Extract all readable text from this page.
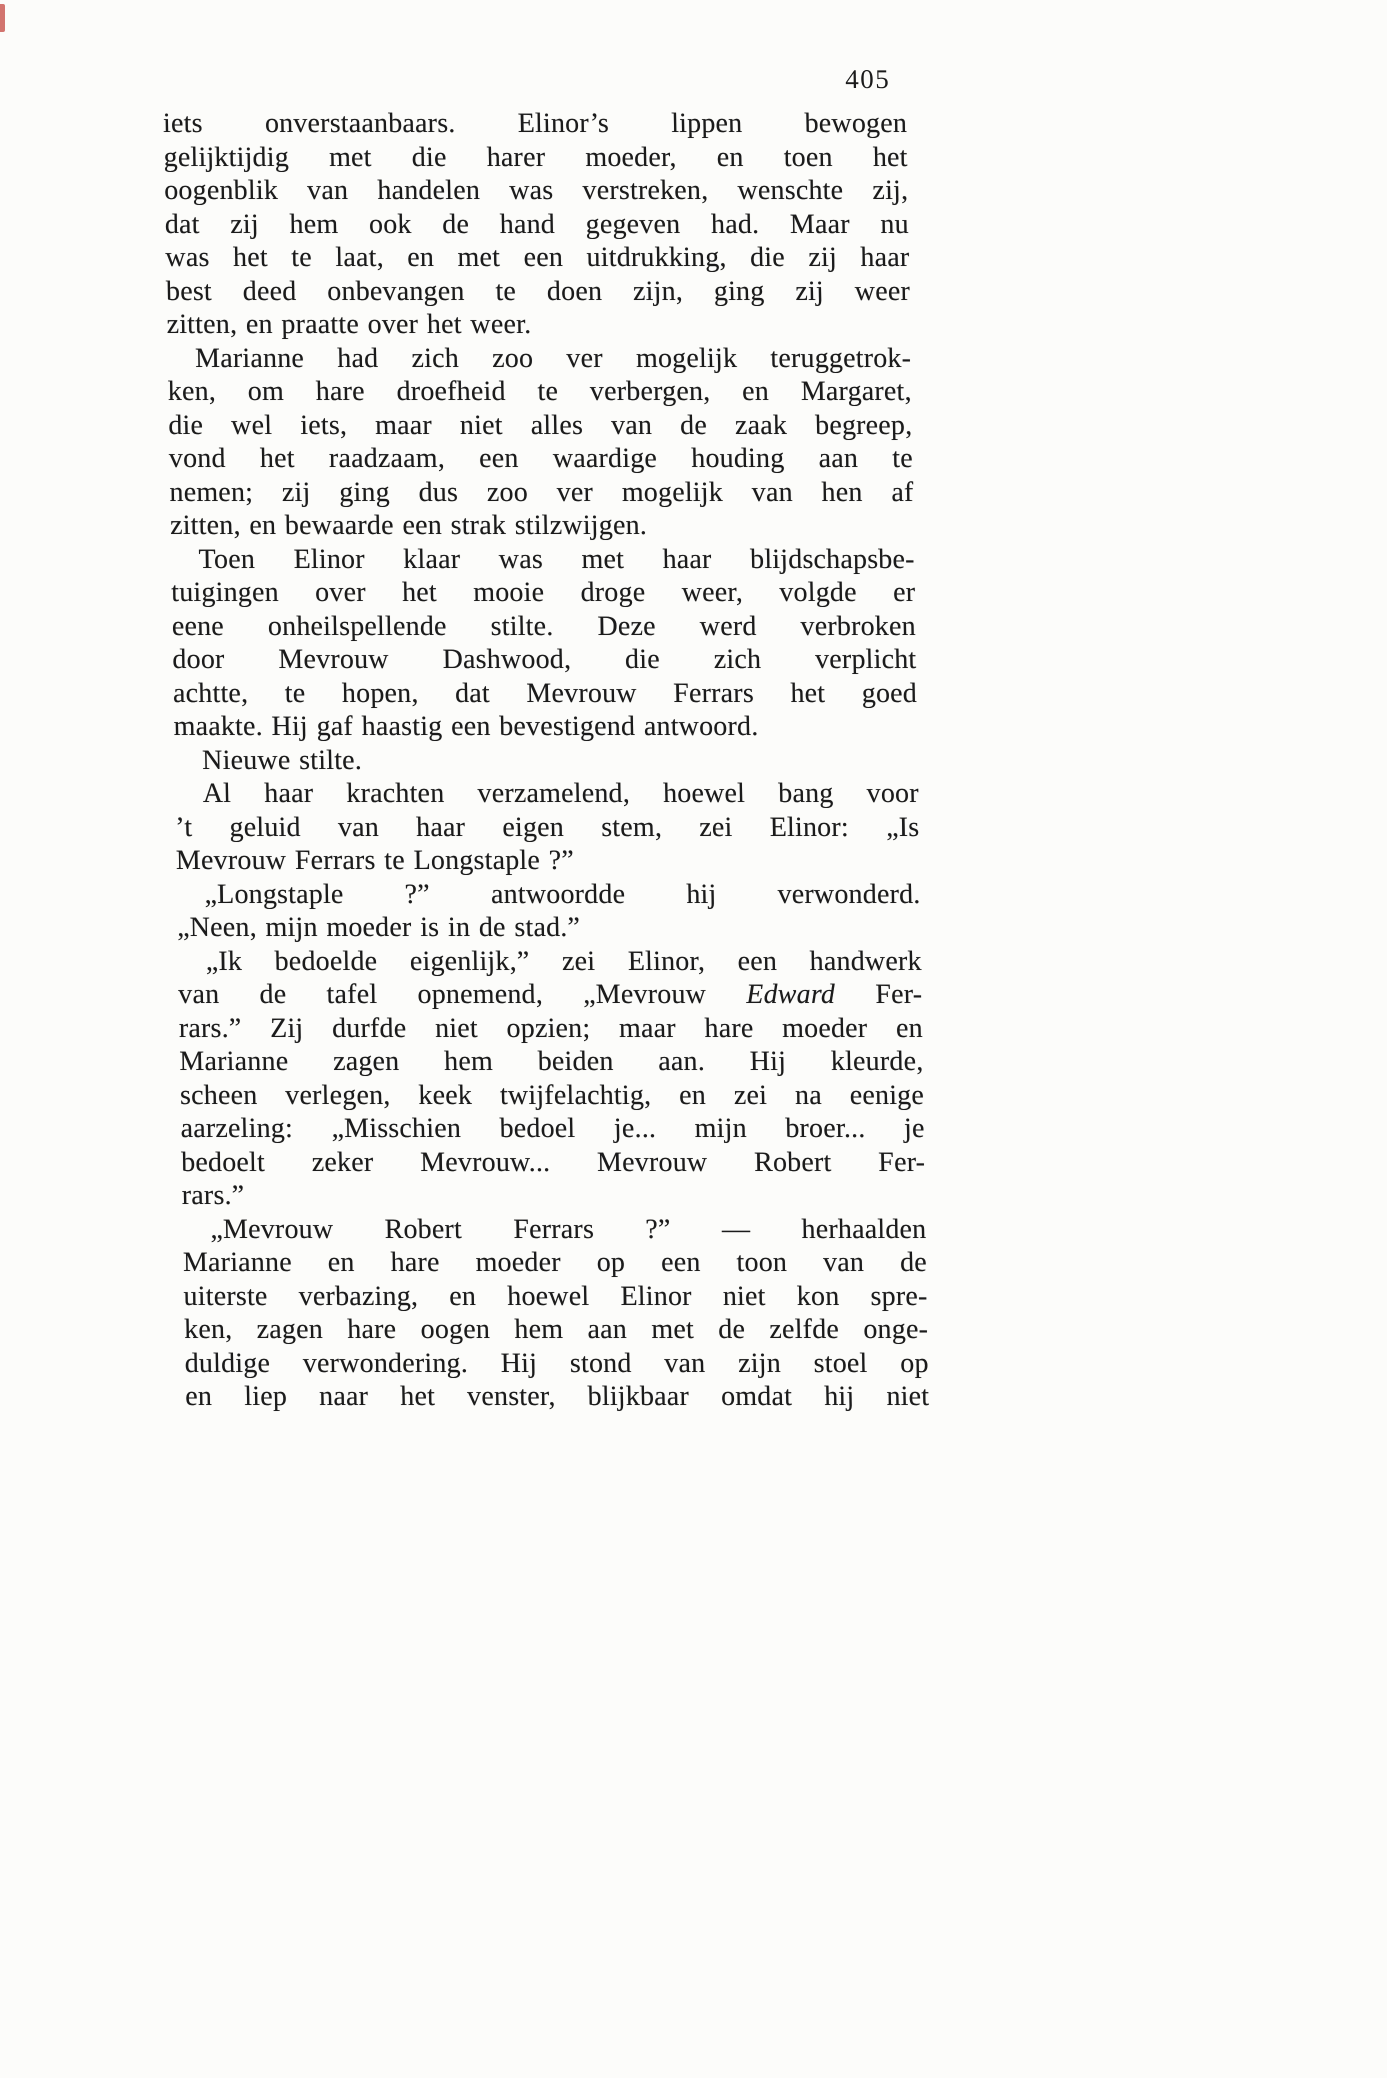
405
iets onverstaanbaars. Elinor’s lippen bewogen
gelijktijdig met die harer moeder, en toen het
oogenblik van handelen was verstreken, wenschte zij,
dat zij hem ook de hand gegeven had. Maar nu
was het te laat, en met een uitdrukking, die zij haar
best deed onbevangen te doen zijn, ging zij weer
zitten, en praatte over het weer.
Marianne had zich zoo ver mogelijk teruggetrok-
ken, om hare droefheid te verbergen, en Margaret,
die wel iets, maar niet alles van de zaak begreep,
vond het raadzaam, een waardige houding aan te
nemen; zij ging dus zoo ver mogelijk van hen af
zitten, en bewaarde een strak stilzwijgen.
Toen Elinor klaar was met haar blijdschapsbe-
tuigingen over het mooie droge weer, volgde er
eene onheilspellende stilte. Deze werd verbroken
door Mevrouw Dashwood, die zich verplicht
achtte, te hopen, dat Mevrouw Ferrars het goed
maakte. Hij gaf haastig een bevestigend antwoord.
Nieuwe stilte.
Al haar krachten verzamelend, hoewel bang voor
’t geluid van haar eigen stem, zei Elinor: „Is
Mevrouw Ferrars te Longstaple ?”
„Longstaple ?” antwoordde hij verwonderd.
„Neen, mijn moeder is in de stad.”
„Ik bedoelde eigenlijk,” zei Elinor, een handwerk
van de tafel opnemend, „Mevrouw Edward Fer-
rars.” Zij durfde niet opzien; maar hare moeder en
Marianne zagen hem beiden aan. Hij kleurde,
scheen verlegen, keek twijfelachtig, en zei na eenige
aarzeling: „Misschien bedoel je... mijn broer... je
bedoelt zeker Mevrouw... Mevrouw Robert Fer-
rars.”
„Mevrouw Robert Ferrars ?” — herhaalden
Marianne en hare moeder op een toon van de
uiterste verbazing, en hoewel Elinor niet kon spre-
ken, zagen hare oogen hem aan met de zelfde onge-
duldige verwondering. Hij stond van zijn stoel op
en liep naar het venster, blijkbaar omdat hij niet
